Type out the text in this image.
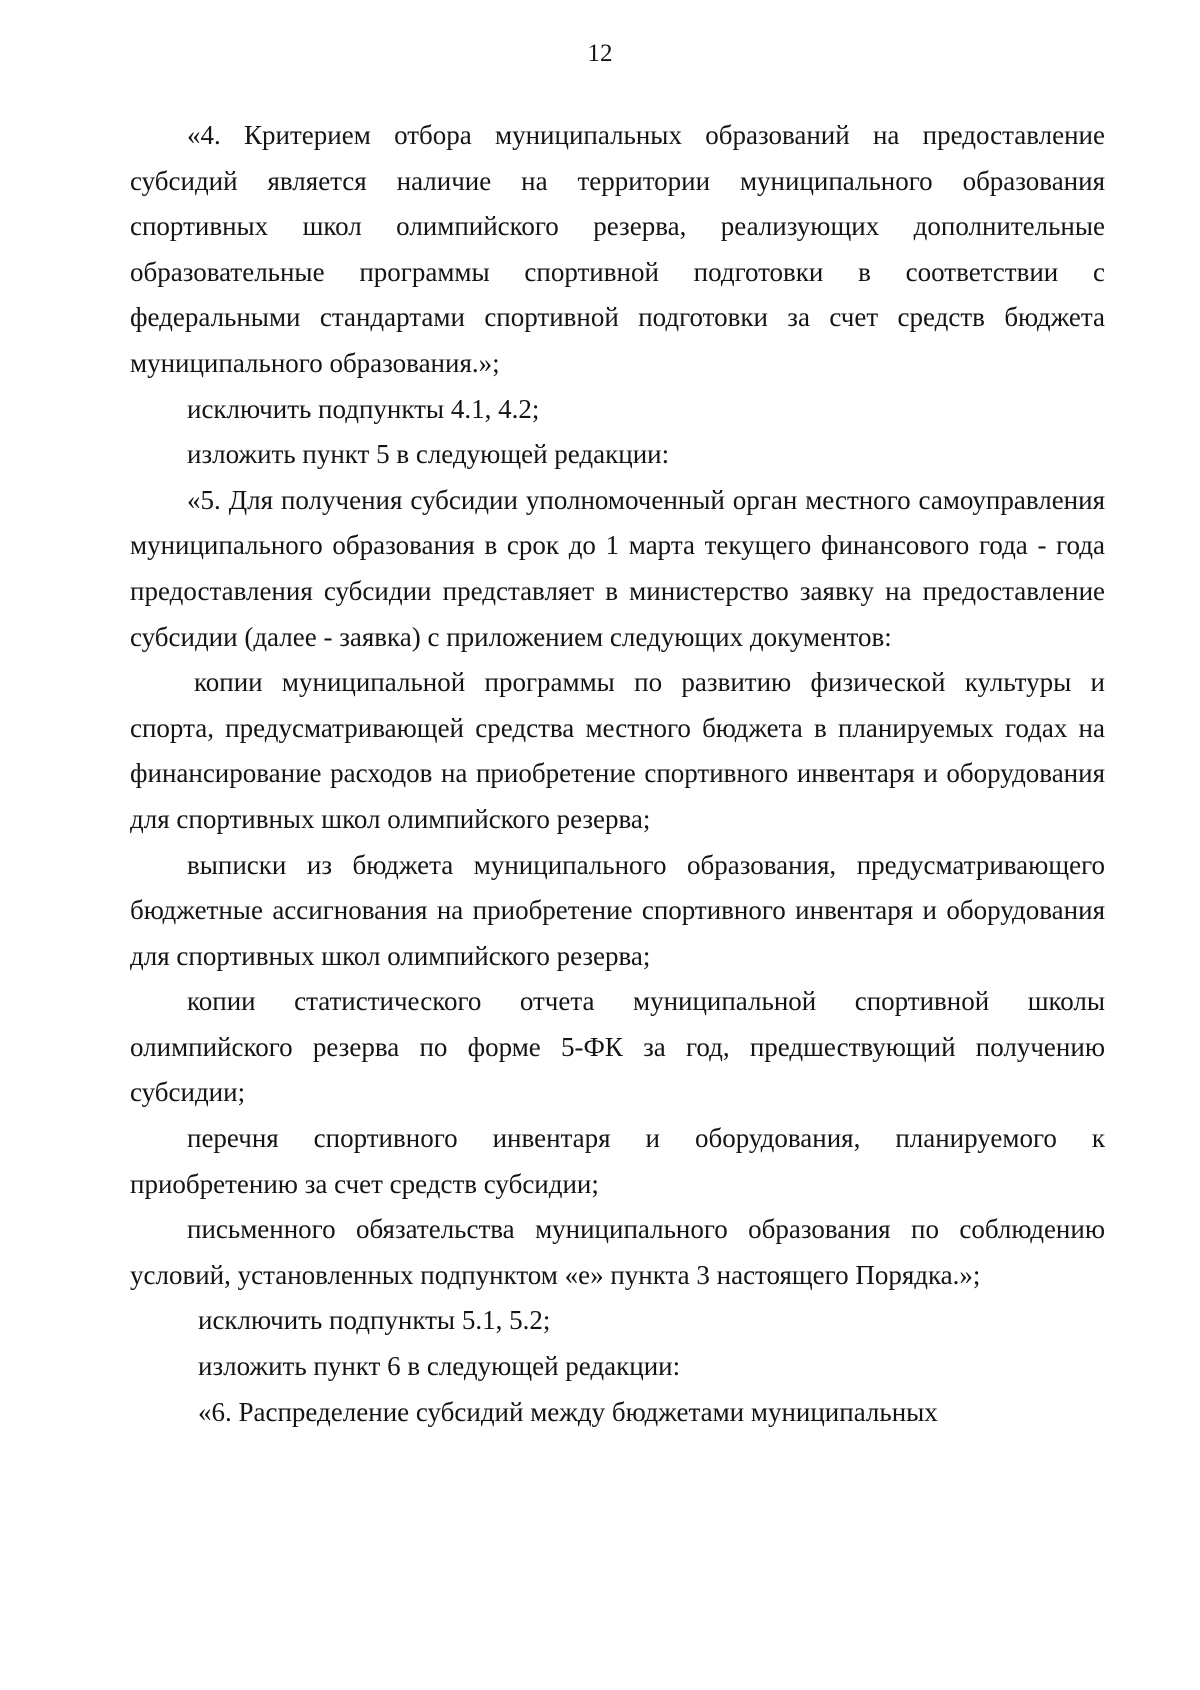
12

«4. Критерием отбора муниципальных образований на предоставление субсидий является наличие на территории муниципального образования спортивных школ олимпийского резерва, реализующих дополнительные образовательные программы спортивной подготовки в соответствии с федеральными стандартами спортивной подготовки за счет средств бюджета муниципального образования.»;

исключить подпункты 4.1, 4.2;

изложить пункт 5 в следующей редакции:

«5. Для получения субсидии уполномоченный орган местного самоуправления муниципального образования в срок до 1 марта текущего финансового года - года предоставления субсидии представляет в министерство заявку на предоставление субсидии (далее - заявка) с приложением следующих документов:

копии муниципальной программы по развитию физической культуры и спорта, предусматривающей средства местного бюджета в планируемых годах на финансирование расходов на приобретение спортивного инвентаря и оборудования для спортивных школ олимпийского резерва;

выписки из бюджета муниципального образования, предусматривающего бюджетные ассигнования на приобретение спортивного инвентаря и оборудования для спортивных школ олимпийского резерва;

копии статистического отчета муниципальной спортивной школы олимпийского резерва по форме 5-ФК за год, предшествующий получению субсидии;

перечня спортивного инвентаря и оборудования, планируемого к приобретению за счет средств субсидии;

письменного обязательства муниципального образования по соблюдению условий, установленных подпунктом «е» пункта 3 настоящего Порядка.»;

исключить подпункты 5.1, 5.2;

изложить пункт 6 в следующей редакции:

«6. Распределение субсидий между бюджетами муниципальных
